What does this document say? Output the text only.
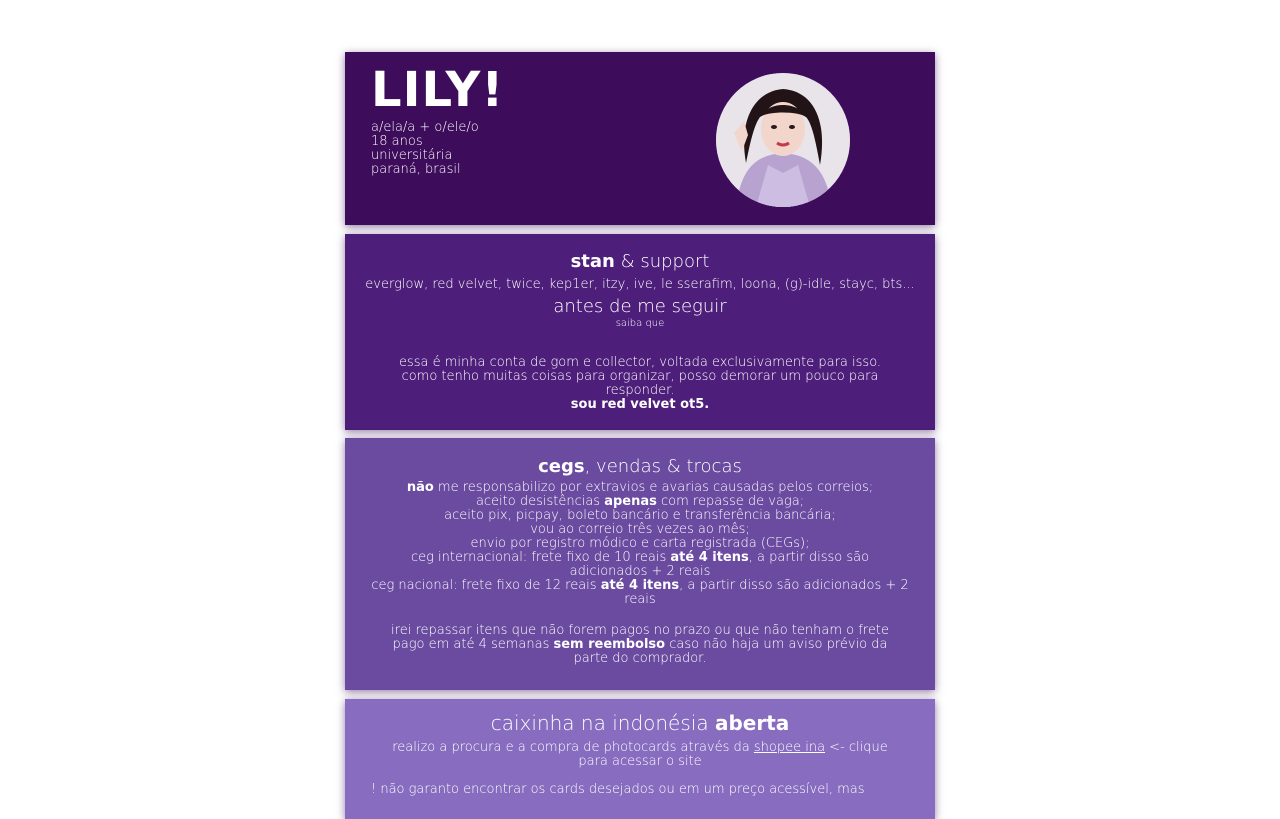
LILY!
a/ela/a + o/ele/o
18 anos
universitária
paraná, brasil
stan & support
everglow, red velvet, twice, kep1er, itzy, ive, le sserafim, loona, (g)-idle, stayc, bts...
antes de me seguir
saiba que
essa é minha conta de gom e collector, voltada exclusivamente para isso.
como tenho muitas coisas para organizar, posso demorar um pouco para responder.
sou red velvet ot5.
cegs, vendas & trocas
não me responsabilizo por extravios e avarias causadas pelos correios;
aceito desistências apenas com repasse de vaga;
aceito pix, picpay, boleto bancário e transferência bancária;
vou ao correio três vezes ao mês;
envio por registro módico e carta registrada (CEGs);
ceg internacional: frete fixo de 10 reais até 4 itens, a partir disso são adicionados + 2 reais
ceg nacional: frete fixo de 12 reais até 4 itens, a partir disso são adicionados + 2 reais
irei repassar itens que não forem pagos no prazo ou que não tenham o frete pago em até 4 semanas sem reembolso caso não haja um aviso prévio da parte do comprador.
caixinha na indonésia aberta
realizo a procura e a compra de photocards através da shopee ina <- clique para acessar o site
! não garanto encontrar os cards desejados ou em um preço acessível, mas
